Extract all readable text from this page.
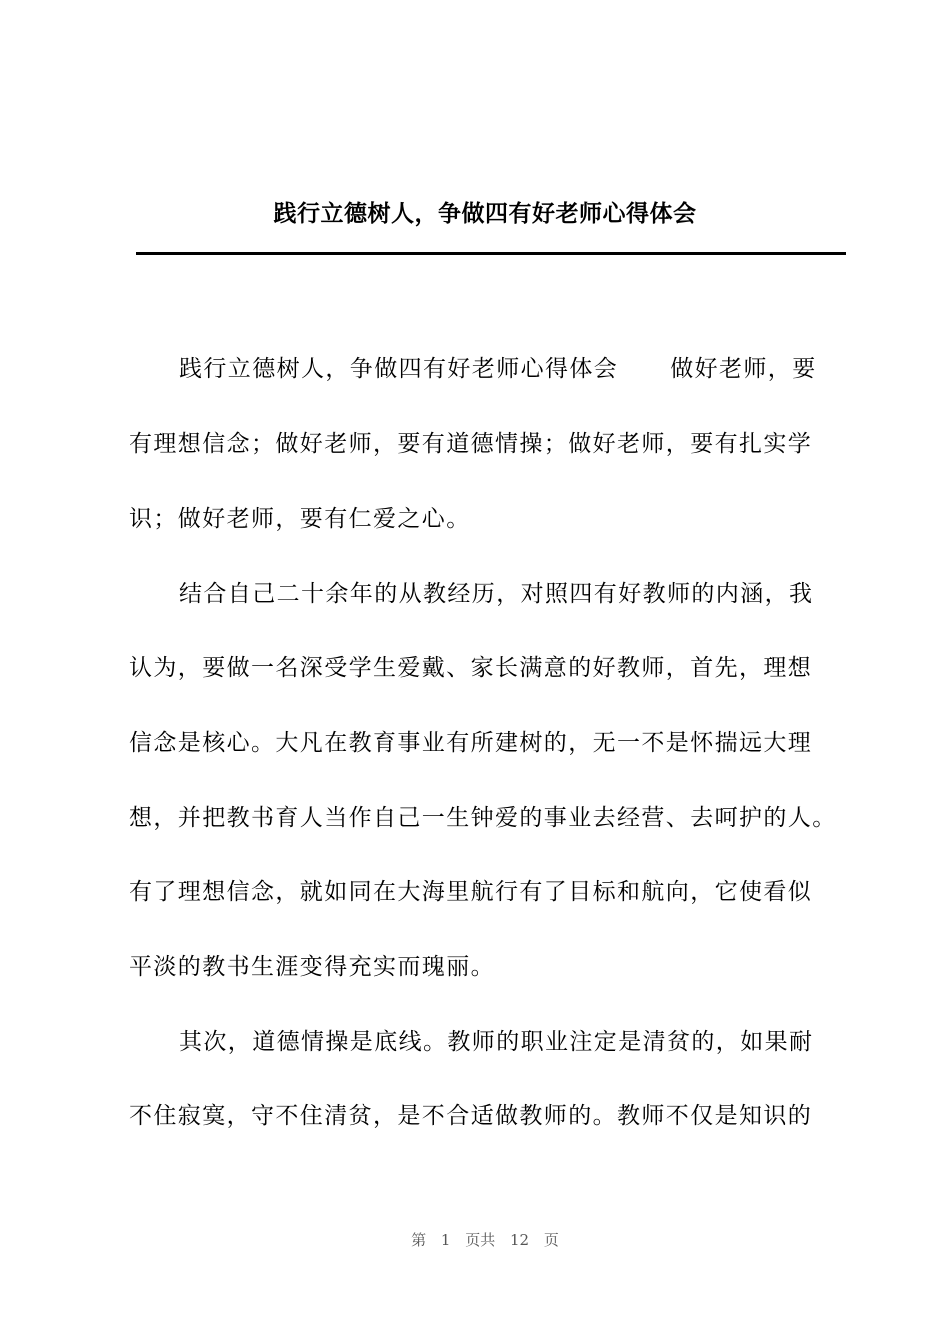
践行立德树人，争做四有好老师心得体会
践行立德树人，争做四有好老师心得体会 做好老师，要
有理想信念；做好老师，要有道德情操；做好老师，要有扎实学
识；做好老师，要有仁爱之心。
结合自己二十余年的从教经历，对照四有好教师的内涵，我
认为，要做一名深受学生爱戴、家长满意的好教师，首先，理想
信念是核心。大凡在教育事业有所建树的，无一不是怀揣远大理
想，并把教书育人当作自己一生钟爱的事业去经营、去呵护的人。
有了理想信念，就如同在大海里航行有了目标和航向，它使看似
平淡的教书生涯变得充实而瑰丽。
其次，道德情操是底线。教师的职业注定是清贫的，如果耐
不住寂寞，守不住清贫，是不合适做教师的。教师不仅是知识的
第 1 页共 12 页
